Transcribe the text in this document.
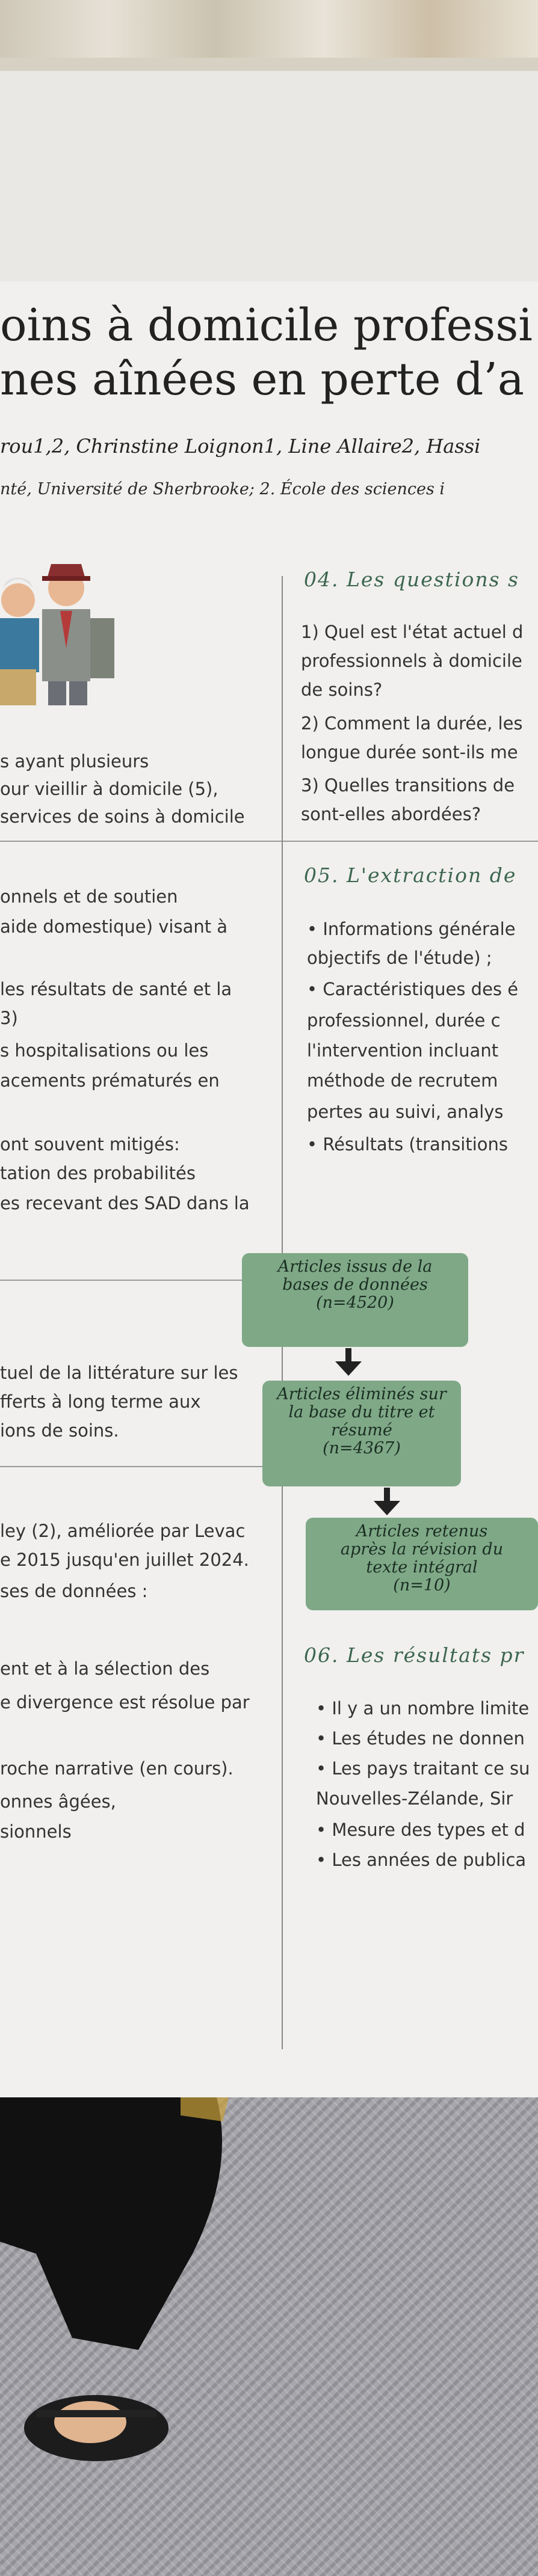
oins à domicile professi
nes aînées en perte d’a
rou1,2, Chrinstine Loignon1, Line Allaire2, Hassi
nté, Université de Sherbrooke; 2. École des sciences i
s ayant plusieurs
our vieillir à domicile (5),
services de soins à domicile
onnels et de soutien
aide domestique) visant à
les résultats de santé et la
3)
s hospitalisations ou les
acements prématurés en
ont souvent mitigés:
tation des probabilités
es recevant des SAD dans la
tuel de la littérature sur les
fferts à long terme aux
ions de soins.
ley (2), améliorée par Levac
e 2015 jusqu'en juillet 2024.
ses de données :
ent et à la sélection des
e divergence est résolue par
roche narrative (en cours).
onnes âgées,
sionnels
04. Les questions s
1) Quel est l'état actuel d
professionnels à domicile
de soins?
2) Comment la durée, les
longue durée sont-ils me
3) Quelles transitions de
sont-elles abordées?
05. L'extraction de
• Informations générale
objectifs de l'étude) ;
• Caractéristiques des é
professionnel, durée c
l'intervention incluant
méthode de recrutem
pertes au suivi, analys
• Résultats (transitions
Articles issus de la
bases de données
(n=4520)
Articles éliminés sur
la base du titre et
résumé
(n=4367)
Articles retenus
après la révision du
texte intégral
(n=10)
06. Les résultats pr
• Il y a un nombre limite
• Les études ne donnen
• Les pays traitant ce su
Nouvelles-Zélande, Sir
• Mesure des types et d
• Les années de publica
